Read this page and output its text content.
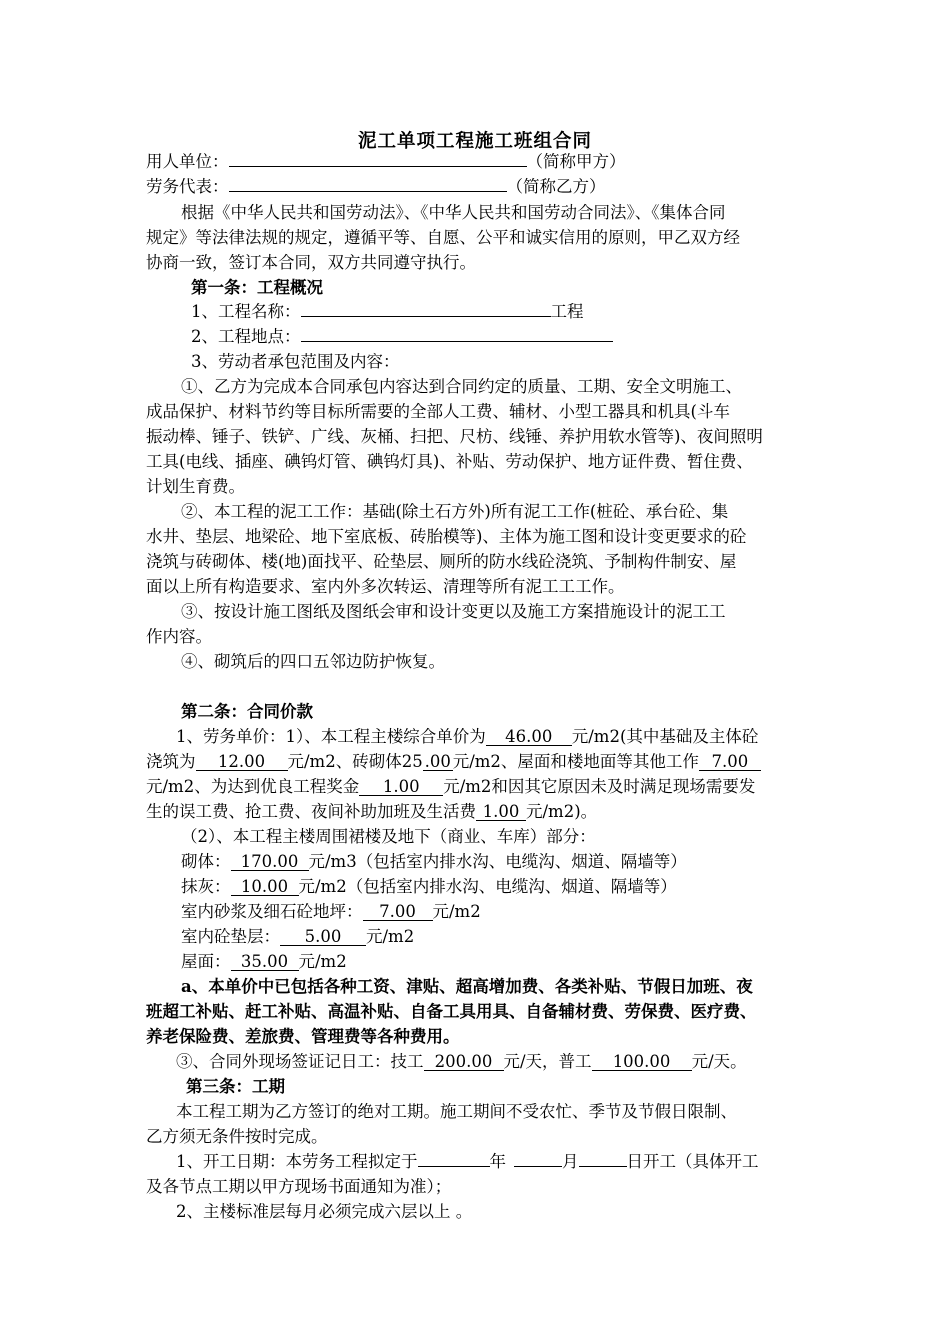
泥工单项工程施工班组合同
用人单位：	（简称甲方）
劳务代表：	（简称乙方）
根据《中华人民共和国劳动法》、《中华人民共和国劳动合同法》、《集体合同
规定》等法律法规的规定，遵循平等、自愿、公平和诚实信用的原则，甲乙双方经
协商一致，签订本合同，双方共同遵守执行。
第一条：工程概况
1、工程名称：	工程
2、工程地点：
3、劳动者承包范围及内容：
①、乙方为完成本合同承包内容达到合同约定的质量、工期、安全文明施工、
成品保护、材料节约等目标所需要的全部人工费、辅材、小型工器具和机具(斗车
振动棒、锤子、铁铲、广线、灰桶、扫把、尺枋、线锤、养护用软水管等)、夜间照明
工具(电线、插座、碘钨灯管、碘钨灯具)、补贴、劳动保护、地方证件费、暂住费、
计划生育费。
②、本工程的泥工工作：基础(除土石方外)所有泥工工作(桩砼、承台砼、集
水井、垫层、地梁砼、地下室底板、砖胎模等)、主体为施工图和设计变更要求的砼
浇筑与砖砌体、楼(地)面找平、砼垫层、厕所的防水线砼浇筑、予制构件制安、屋
面以上所有构造要求、室内外多次转运、清理等所有泥工工工作。
③、按设计施工图纸及图纸会审和设计变更以及施工方案措施设计的泥工工
作内容。
④、砌筑后的四口五邻边防护恢复。
第二条：合同价款
1、劳务单价：1）、本工程主楼综合单价为 46.00 元/m2(其中基础及主体砼
浇筑为 12.00 元/m2、砖砌体25 .00 元/m2、屋面和楼地面等其他工作 7.00
元/m2、为达到优良工程奖金 1.00 元/m2和因其它原因未及时满足现场需要发
生的误工费、抢工费、夜间补助加班及生活费 1.00 元/m2)。
（2）、本工程主楼周围裙楼及地下（商业、车库）部分：
砌体： 170.00 元/m3（包括室内排水沟、电缆沟、烟道、隔墙等）
抹灰： 10.00 元/m2（包括室内排水沟、电缆沟、烟道、隔墙等）
室内砂浆及细石砼地坪： 7.00 元/m2
室内砼垫层： 5.00 元/m2
屋面： 35.00 元/m2
a、本单价中已包括各种工资、津贴、超高增加费、各类补贴、节假日加班、夜
班超工补贴、赶工补贴、高温补贴、自备工具用具、自备辅材费、劳保费、医疗费、
养老保险费、差旅费、管理费等各种费用。
③、合同外现场签证记日工：技工 200.00 元/天，普工 100.00 元/天。
第三条：工期
本工程工期为乙方签订的绝对工期。施工期间不受农忙、季节及节假日限制、
乙方须无条件按时完成。
1、开工日期：本劳务工程拟定于	年	月	日开工（具体开工
及各节点工期以甲方现场书面通知为准）；
2、主楼标准层每月必须完成六层以上 。
